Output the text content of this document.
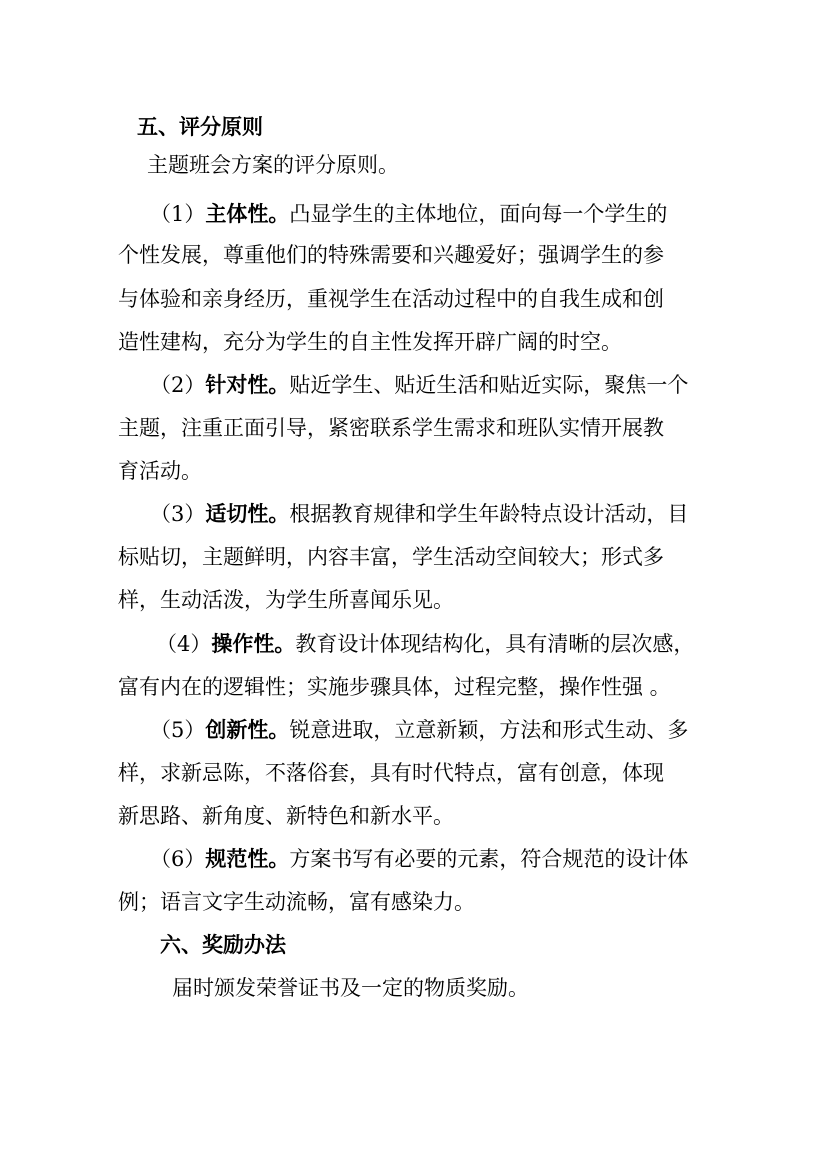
五、评分原则
主题班会方案的评分原则。
（1）主体性。凸显学生的主体地位，面向每一个学生的
个性发展，尊重他们的特殊需要和兴趣爱好；强调学生的参
与体验和亲身经历，重视学生在活动过程中的自我生成和创
造性建构，充分为学生的自主性发挥开辟广阔的时空。
（2）针对性。贴近学生、贴近生活和贴近实际，聚焦一个
主题，注重正面引导，紧密联系学生需求和班队实情开展教
育活动。
（3）适切性。根据教育规律和学生年龄特点设计活动，目
标贴切，主题鲜明，内容丰富，学生活动空间较大；形式多
样，生动活泼，为学生所喜闻乐见。
（4）操作性。教育设计体现结构化，具有清晰的层次感，
富有内在的逻辑性；实施步骤具体，过程完整，操作性强 。
（5）创新性。锐意进取，立意新颖，方法和形式生动、多
样，求新忌陈，不落俗套，具有时代特点，富有创意，体现
新思路、新角度、新特色和新水平。
（6）规范性。方案书写有必要的元素，符合规范的设计体
例；语言文字生动流畅，富有感染力。
六、奖励办法
届时颁发荣誉证书及一定的物质奖励。
